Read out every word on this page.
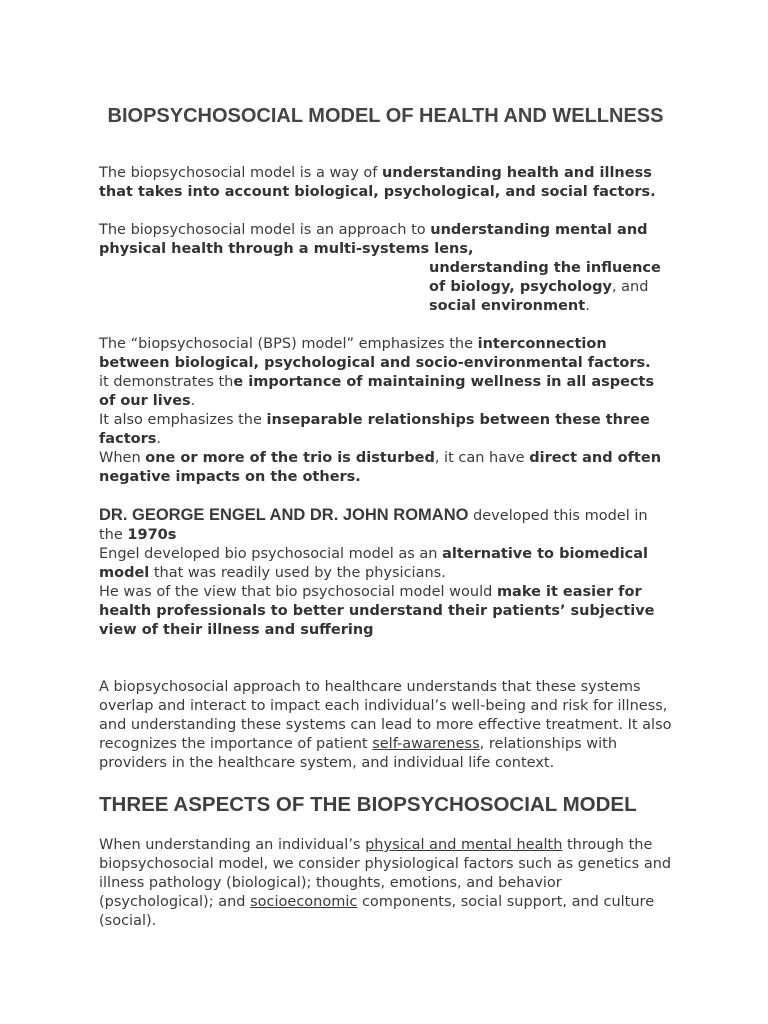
BIOPSYCHOSOCIAL MODEL OF HEALTH AND WELLNESS

The biopsychosocial model is a way of understanding health and illness that takes into account biological, psychological, and social factors.

The biopsychosocial model is an approach to understanding mental and physical health through a multi-systems lens,
understanding the influence of biology, psychology, and social environment.

The “biopsychosocial (BPS) model” emphasizes the interconnection between biological, psychological and socio-environmental factors.
it demonstrates the importance of maintaining wellness in all aspects of our lives.
It also emphasizes the inseparable relationships between these three factors.
When one or more of the trio is disturbed, it can have direct and often negative impacts on the others.

DR. GEORGE ENGEL AND DR. JOHN ROMANO developed this model in the 1970s
Engel developed bio psychosocial model as an alternative to biomedical model that was readily used by the physicians.
He was of the view that bio psychosocial model would make it easier for health professionals to better understand their patients’ subjective view of their illness and suffering

A biopsychosocial approach to healthcare understands that these systems overlap and interact to impact each individual’s well-being and risk for illness, and understanding these systems can lead to more effective treatment. It also recognizes the importance of patient self-awareness, relationships with providers in the healthcare system, and individual life context.

THREE ASPECTS OF THE BIOPSYCHOSOCIAL MODEL

When understanding an individual’s physical and mental health through the biopsychosocial model, we consider physiological factors such as genetics and illness pathology (biological); thoughts, emotions, and behavior (psychological); and socioeconomic components, social support, and culture (social).
